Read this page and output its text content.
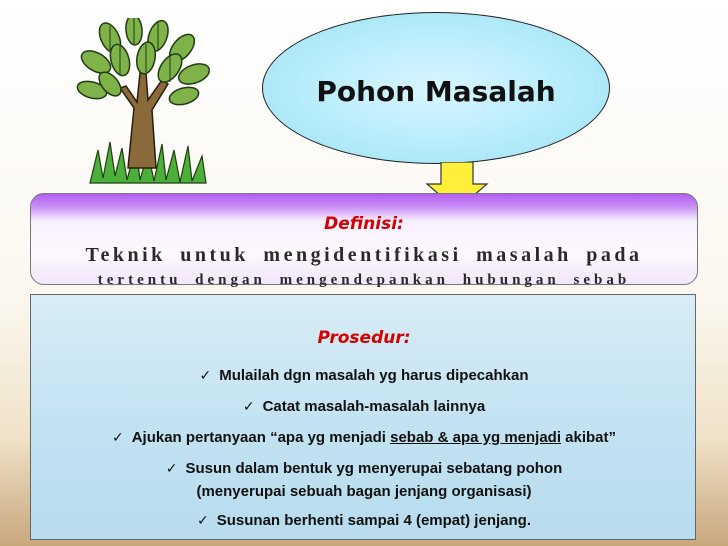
Pohon Masalah
Definisi:
Teknik untuk mengidentifikasi masalah pada
tertentu dengan mengendepankan hubungan sebab
Prosedur:
✓ Mulailah dgn masalah yg harus dipecahkan
✓ Catat masalah-masalah lainnya
✓ Ajukan pertanyaan “apa yg menjadi sebab & apa yg menjadi akibat”
✓ Susun dalam bentuk yg menyerupai sebatang pohon
(menyerupai sebuah bagan jenjang organisasi)
✓ Susunan berhenti sampai 4 (empat) jenjang.
